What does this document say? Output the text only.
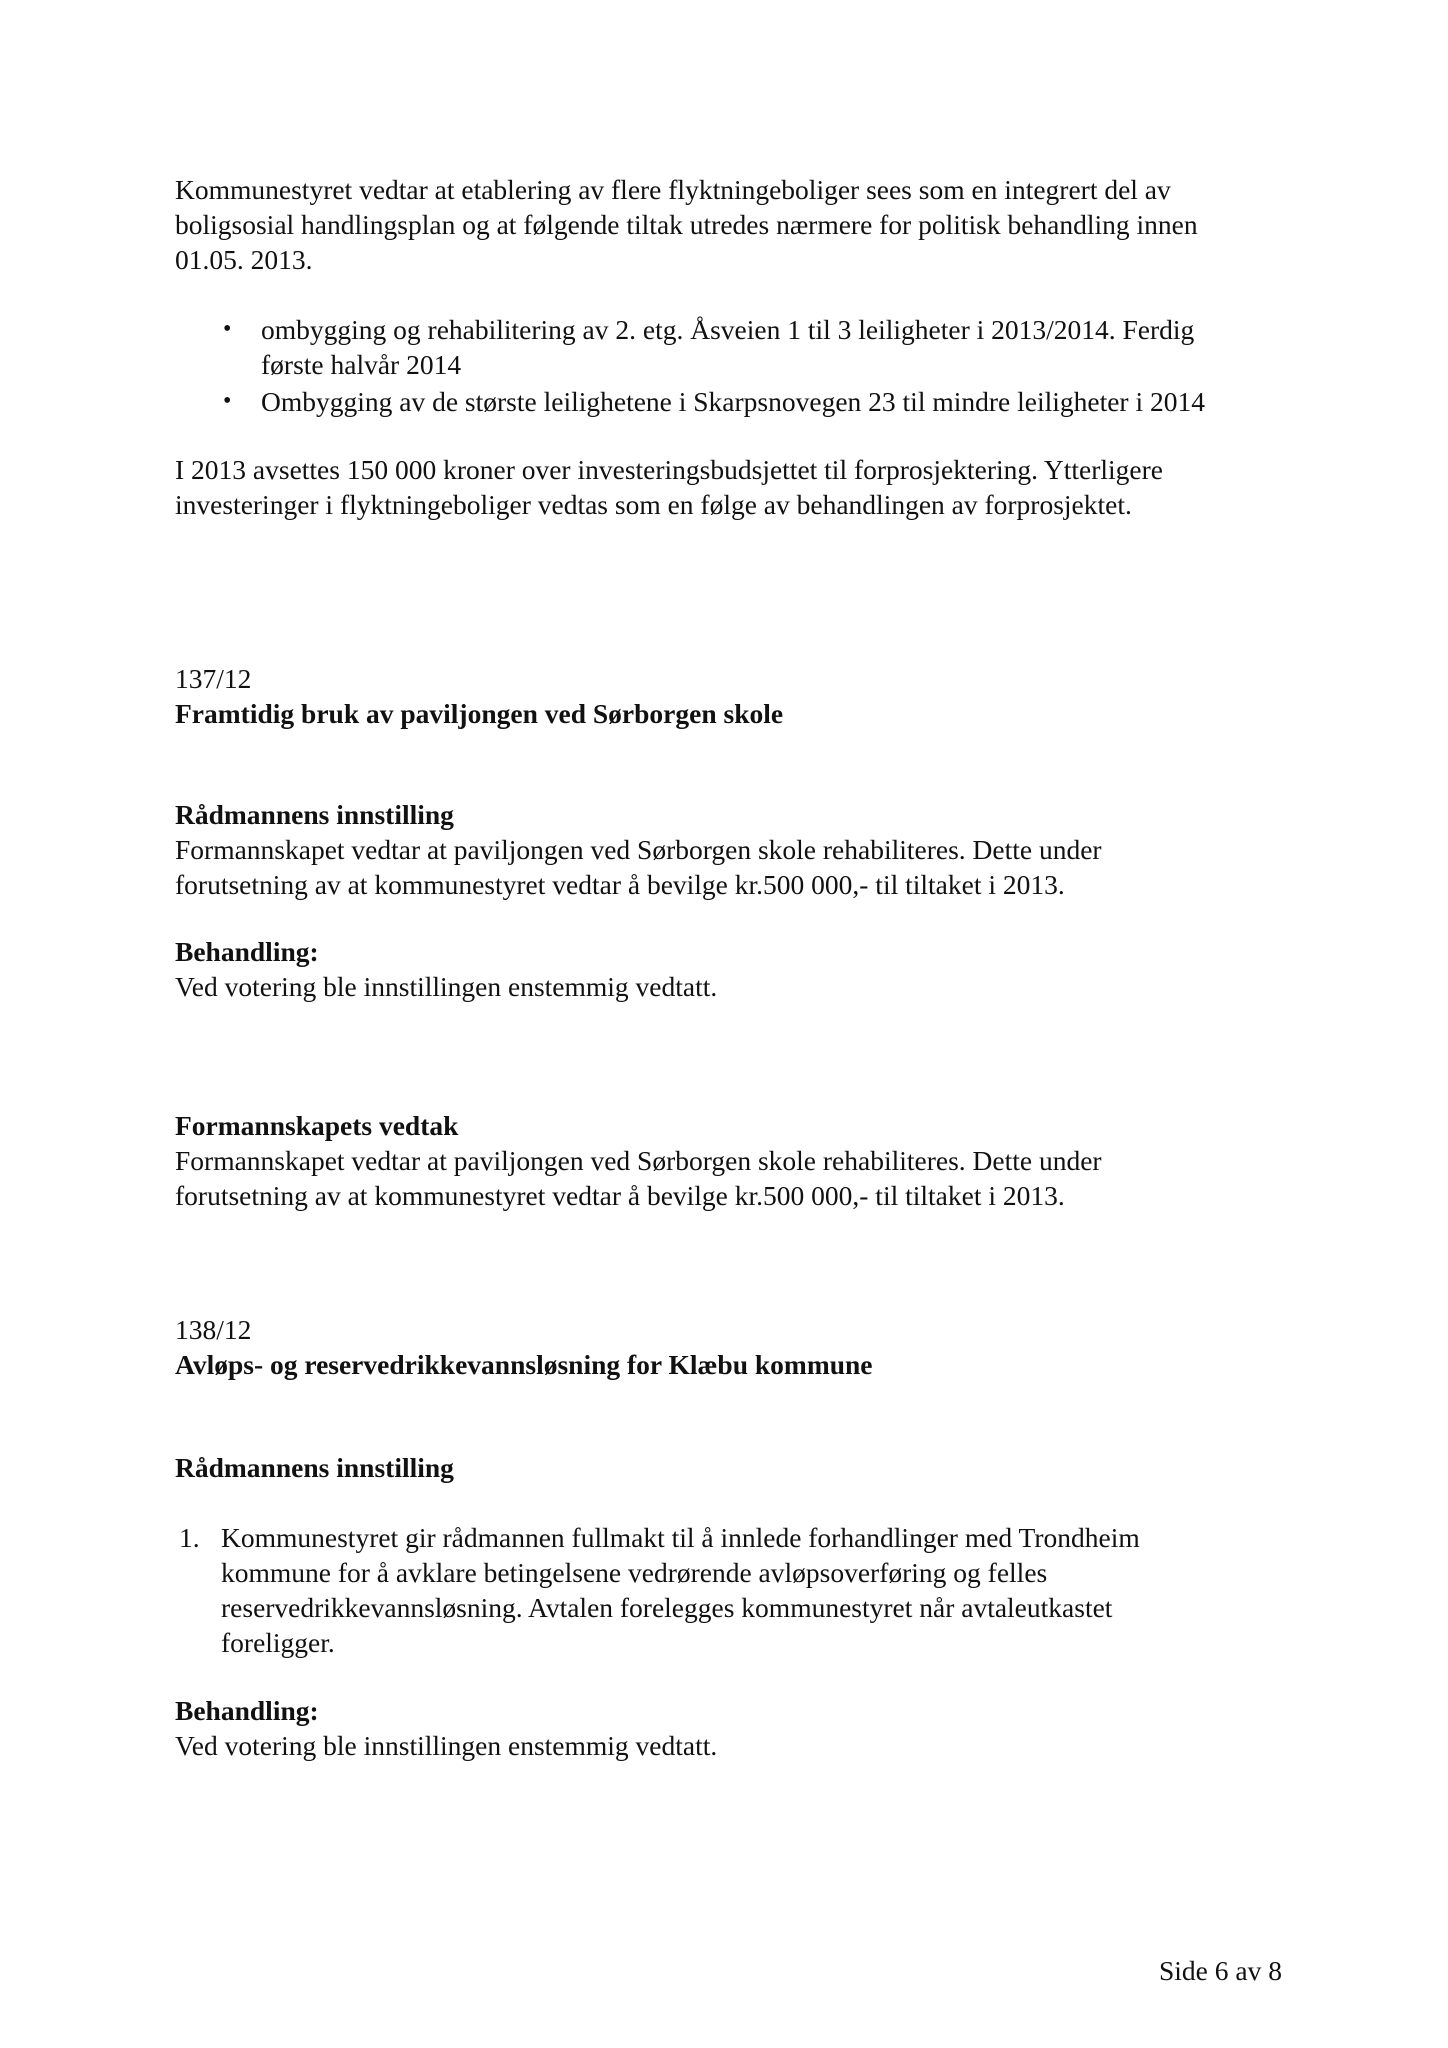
Kommunestyret vedtar at etablering av flere flyktningeboliger sees som en integrert del av

boligsosial handlingsplan og at følgende tiltak utredes nærmere for politisk behandling innen

01.05. 2013.

• ombygging og rehabilitering av 2. etg. Åsveien 1 til 3 leiligheter i 2013/2014. Ferdig

første halvår 2014

• Ombygging av de største leilighetene i Skarpsnovegen 23 til mindre leiligheter i 2014

I 2013 avsettes 150 000 kroner over investeringsbudsjettet til forprosjektering. Ytterligere

investeringer i flyktningeboliger vedtas som en følge av behandlingen av forprosjektet.

137/12

Framtidig bruk av paviljongen ved Sørborgen skole

Rådmannens innstilling

Formannskapet vedtar at paviljongen ved Sørborgen skole rehabiliteres. Dette under

forutsetning av at kommunestyret vedtar å bevilge kr.500 000,- til tiltaket i 2013.

Behandling:

Ved votering ble innstillingen enstemmig vedtatt.

Formannskapets vedtak

Formannskapet vedtar at paviljongen ved Sørborgen skole rehabiliteres. Dette under

forutsetning av at kommunestyret vedtar å bevilge kr.500 000,- til tiltaket i 2013.

138/12

Avløps- og reservedrikkevannsløsning for Klæbu kommune

Rådmannens innstilling

1. Kommunestyret gir rådmannen fullmakt til å innlede forhandlinger med Trondheim

kommune for å avklare betingelsene vedrørende avløpsoverføring og felles

reservedrikkevannsløsning. Avtalen forelegges kommunestyret når avtaleutkastet

foreligger.

Behandling:

Ved votering ble innstillingen enstemmig vedtatt.

Side 6 av 8
